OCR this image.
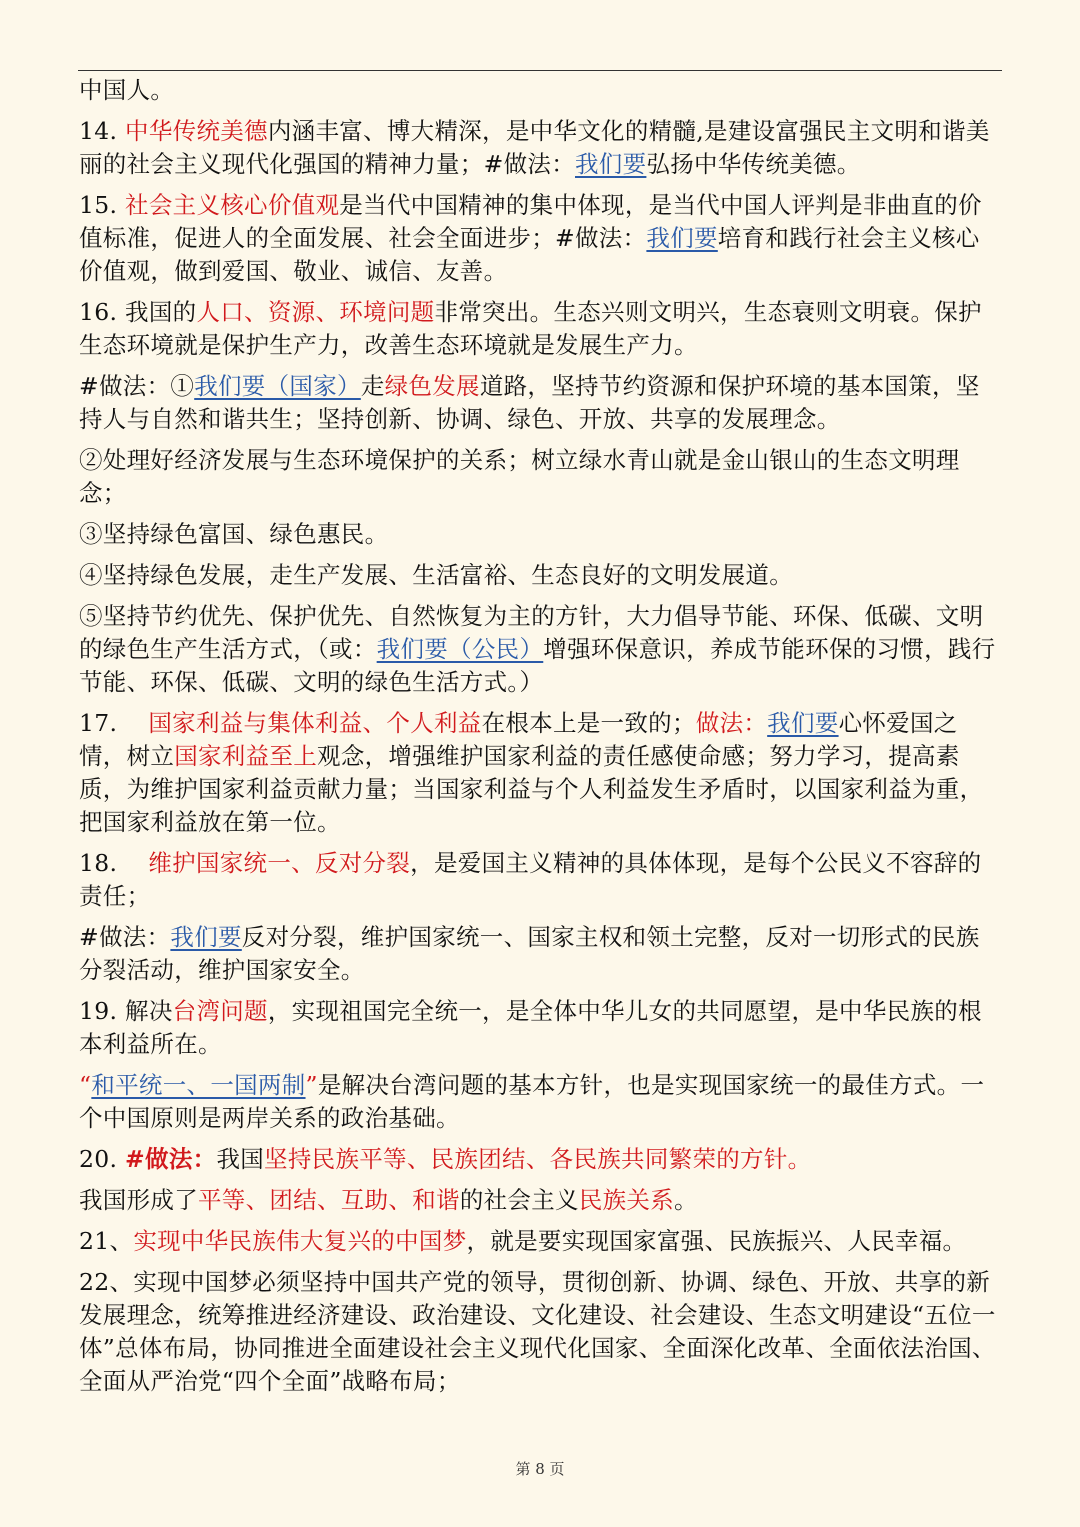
中国人。

14. 中华传统美德内涵丰富、博大精深，是中华文化的精髓,是建设富强民主文明和谐美丽的社会主义现代化强国的精神力量；#做法：我们要弘扬中华传统美德。

15. 社会主义核心价值观是当代中国精神的集中体现，是当代中国人评判是非曲直的价值标准，促进人的全面发展、社会全面进步；#做法：我们要培育和践行社会主义核心价值观，做到爱国、敬业、诚信、友善。

16. 我国的人口、资源、环境问题非常突出。生态兴则文明兴，生态衰则文明衰。保护生态环境就是保护生产力，改善生态环境就是发展生产力。

#做法：①我们要（国家）走绿色发展道路，坚持节约资源和保护环境的基本国策，坚持人与自然和谐共生；坚持创新、协调、绿色、开放、共享的发展理念。

②处理好经济发展与生态环境保护的关系；树立绿水青山就是金山银山的生态文明理念；

③坚持绿色富国、绿色惠民。

④坚持绿色发展，走生产发展、生活富裕、生态良好的文明发展道。

⑤坚持节约优先、保护优先、自然恢复为主的方针，大力倡导节能、环保、低碳、文明的绿色生产生活方式，（或：我们要（公民）增强环保意识，养成节能环保的习惯，践行节能、环保、低碳、文明的绿色生活方式。）

17.    国家利益与集体利益、个人利益在根本上是一致的；做法：我们要心怀爱国之情，树立国家利益至上观念，增强维护国家利益的责任感使命感；努力学习，提高素质，为维护国家利益贡献力量；当国家利益与个人利益发生矛盾时，以国家利益为重，把国家利益放在第一位。

18.    维护国家统一、反对分裂，是爱国主义精神的具体体现，是每个公民义不容辞的责任；

#做法：我们要反对分裂，维护国家统一、国家主权和领土完整，反对一切形式的民族分裂活动，维护国家安全。

19. 解决台湾问题，实现祖国完全统一，是全体中华儿女的共同愿望，是中华民族的根本利益所在。

“和平统一、一国两制”是解决台湾问题的基本方针，也是实现国家统一的最佳方式。一个中国原则是两岸关系的政治基础。

20. #做法：我国坚持民族平等、民族团结、各民族共同繁荣的方针。

我国形成了平等、团结、互助、和谐的社会主义民族关系。

21、实现中华民族伟大复兴的中国梦，就是要实现国家富强、民族振兴、人民幸福。

22、实现中国梦必须坚持中国共产党的领导，贯彻创新、协调、绿色、开放、共享的新发展理念，统筹推进经济建设、政治建设、文化建设、社会建设、生态文明建设“五位一体”总体布局，协同推进全面建设社会主义现代化国家、全面深化改革、全面依法治国、全面从严治党“四个全面”战略布局；

第 8 页
